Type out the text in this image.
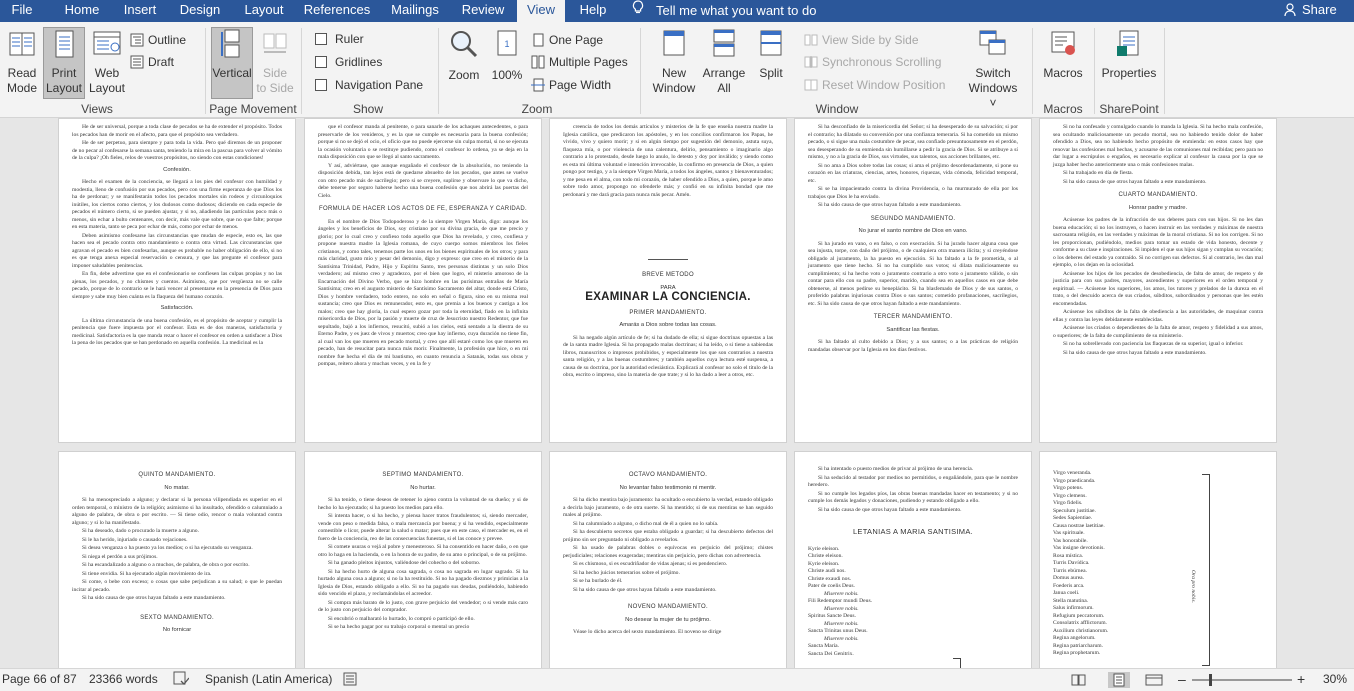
File	Home	Insert	Design	Layout	References	Mailings	Review	View	Help	Tell me what you want to do	Share
Read
Mode
Print
Layout
Web
Layout
Outline
Draft
Views
Vertical Side
to Side
Page Movement
Ruler
Gridlines
Navigation Pane
Show
Zoom
1
100%
One Page
Multiple Pages
Page Width
Zoom
New
Window
Arrange
All
Split
View Side by Side
Synchronous Scrolling
Reset Window Position
Switch
Windows ˅
Window
Macros
Macros
Properties
SharePoint

He de ser universal, porque a toda clase de pecados se ha de extender el propósito. Todos los pecados han de morir en el afecto, para que el propósito sea verdadero.

He de ser perpetuo, para siempre y para toda la vida. Pero qué diremos de un proponer de no pecar al confesarse la semana santa, teniendo la mira en la pascua para volver al vómito de la culpa? ¡Oh fieles, relos de vuestros propósitos, no siendo con estas condiciones!

Confesión.

Hecho el examen de la conciencia, se llegará a los pies del confesor con humildad y modestia, lleno de confusión por sus pecados, pero con una firme esperanza de que Dios los ha de perdonar; y se manifestarán todos los pecados mortales sin rodeos y circunloquios inútiles, los ciertos como ciertos, y los dudosos como dudosos; diciendo en cada especie de pecados el número cierto, si se pueden ajustar, y si no, añadiendo las partículas poco más o menos, sin echar a bulto centenares, con decir, más vale que sobre, que no que falte; porque en esta materia, tanto se peca por echar de más, como por echar de menos.

Deben asimismo confesarse las circunstancias que mudan de especie, esto es, las que hacen sea el pecado contra otro mandamiento o contra otra virtud. Las circunstancias que agravan el pecado es bien confesarlas, aunque es probable no haber obligación de ello, si no es que tenga anexa especial reservación o censura, y que las pregunte el confesor para imponer saludables penitencias.

En fin, debe advertirse que en el confesionario se confiesen las culpas propias y no las ajenas, los pecados, y no chismes y cuentos. Asimismo, que por vergüenza no se calle pecado, porque de lo contrario se le hará vencer al presentarse en la presencia de Dios para siempre y sabe muy bien cuánta es la flaqueza del humano corazón.

Satisfacción.

La última circunstancia de una buena confesión, es el propósito de aceptar y cumplir la penitencia que fuere impuesta por el confesor. Esta es de dos maneras, satisfactoria y medicinal. Satisfactoria es la que manda rezar o hacer el confesor en orden a satisfacer a Dios la pena de los pecados que se han perdonado en aquella confesión. La medicinal es la

que el confesor manda al penitente, o para sanarle de los achaques antecedentes, o para preservarle de los venideros, y es la que se cumple es necesaria para la buena confesión; porque si no se dejó el ocio, el oficio que no puede ejercerse sin culpa mortal, si no se ejecuta la ocasión voluntaria o se restituye pudiendo, como el confesor lo ordena, ya se deja en la mala disposición con que se llegó al santo sacramento.

Y así, adviértase, que aunque engañado el confesor de la absolución, no teniendo la disposición debida, tan lejos está de quedarse absuelto de los pecados, que antes se vuelve con otro pecado más de sacrilegio; pero si se creyere, suplirse y observare lo que va dicho, debe tenerse por seguro haberse hecho una buena confesión que nos abrirá las puertas del Cielo.

FORMULA DE HACER LOS ACTOS DE FE, ESPERANZA Y CARIDAD.

En el nombre de Dios Todopoderoso y de la siempre Virgen María, digo: aunque los ángeles y los beneficios de Dios, soy cristiano por su divina gracia, de que me precio y glorio; por lo cual creo y confieso todo aquello que Dios ha revelado, y creo, confiesa y propone nuestra madre la Iglesia romana, de cuyo cuerpo somos miembros los fieles cristianos, y como tales, tenemos parte los unos en los bienes espirituales de los otros; y para más claridad, gusto mío y pesar del demonio, digo y expreso: que creo en el misterio de la Santísima Trinidad, Padre, Hijo y Espíritu Santo, tres personas distintas y un solo Dios verdadero; así mismo creo y agradezco, por el bien que logro, el misterio amoroso de la Encarnación del Divino Verbo, que se hizo hombre en las purísimas entrañas de María Santísima; creo en el augusto misterio de Santísimo Sacramento del altar, donde está Cristo, Dios y hombre verdadero, todo entero, no solo en señal o figura, sino en su misma real sustancia; creo que Dios es remunerador, esto es, que premia a los buenos y castiga a los malos; creo que hay gloria, la cual espero gozar por toda la eternidad, fiado en la infinita misericordia de Dios, por la pasión y muerte de cruz de Jesucristo nuestro Redentor, que fue sepultado, bajó a los infiernos, resucitó, subió a los cielos, está sentado a la diestra de su Eterno Padre, y es juez de vivos y muertos; creo que hay infierno, cuya duración no tiene fin, al cual van los que mueren en pecado mortal, y creo que allí estaré como los que mueren en pecado, han de resucitar para nunca más morir. Finalmente, la profesión que hice, o en mí nombre fue hecha el día de mi bautismo, en cuanto renuncia a Satanás, todas sus obras y pompas, reitero ahora y muchas veces, y en la fe y

creencia de todos los demás artículos y misterios de la fe que enseña nuestra madre la Iglesia católica, que predicaron los apóstoles, y en los concilios confirmaron los Papas, he vivido, vivo y quiero morir; y si en algún tiempo por sugestión del demonio, astuta suya, flaqueza mía, o por violencia de una calentura, delirio, pensamiento o imaginario algo contrario a lo protestado, desde luego lo anulo, lo detesto y doy por inválido; y siendo como es esta mi última voluntad e intención irrevocable, la confirmo en presencia de Dios, a quien pongo por testigo, y a la siempre Virgen María, a todos los ángeles, santos y bienaventurados; y me pesa en el alma, con todo mi corazón, de haber ofendido a Dios, a quien, porque le amo sobre todo amor, propongo no ofenderle más; y confió en su infinita bondad que me perdonará y me dará gracia para nunca más pecar. Amén.

BREVE METODO

PARA

EXAMINAR LA CONCIENCIA.

PRIMER MANDAMIENTO.

Amarás a Dios sobre todas las cosas.

Si ha negado algún artículo de fe; si ha dudado de ella; si sigue doctrinas opuestas a las de la santa madre Iglesia. Si ha propagado malas doctrinas; si ha leído, o si tiene a sabiendas libros, manuscritos o impresos prohibidos, y especialmente los que son contrarios a nuestra santa religión, y a las buenas costumbres; y también aquellos cuya lectura esté suspensa, a causa de su doctrina, por la autoridad eclesiástica. Explicará al confesor no solo el título de la obra, escrito o impreso, sino la materia de que trate; y si lo ha dado a leer a otros, etc.

Si ha desconfiado de la misericordia del Señor; si ha desesperado de su salvación; si por el contrario; ha dilatado su conversión por una confianza temeraria. Si ha cometido un mismo pecado, o si sigue una mala costumbre de pecar, sea confiado presuntuosamente en el perdón, sea desesperando de su enmienda sin humillarse a pedir la gracia de Dios. Si se atribuye a sí mismo, y no a la gracia de Dios, sus virtudes, sus talentos, sus acciones brillantes, etc.

Si no ama a Dios sobre todas las cosas; si ama el prójimo desordenadamente, si pone su corazón en las criaturas, ciencias, artes, honores, riquezas, vida cómoda, felicidad temporal, etc.

Si se ha impacientado contra la divina Providencia, o ha murmurado de ella por los trabajos que Dios le ha enviado.

Si ha sido causa de que otros hayan faltado a este mandamiento.

SEGUNDO MANDAMIENTO.

No jurar el santo nombre de Dios en vano.

Si ha jurado en vano, o en falso, o con execración. Si ha jurado hacer alguna cosa que sea injusta, torpe, con daño del prójimo, o de cualquiera otra manera ilícita; y si creyéndose obligado al juramento, la ha puesto en ejecución. Si ha faltado a la fe prometida, o al juramento que tiene hecho. Si no ha cumplido sus votos; si dilata maliciosamente su cumplimiento; si ha hecho voto o juramento contrario a otro voto o juramento válido, o sin contar para ello con su padre, superior, marido, cuando sea en aquellos casos en que debe obtenerse, al menos pedirse su beneplácito. Si ha blasfemado de Dios y de sus santos, o proferido palabras injuriosas contra Dios o sus santos; cometido profanaciones, sacrilegios, etc. Si ha sido causa de que otros hayan faltado a este mandamiento.

TERCER MANDAMIENTO.

Santificar las fiestas.

Si ha faltado al culto debido a Dios; y a sus santos; o a las prácticas de religión mandadas observar por la Iglesia en los días festivos.

Si no ha confesado y comulgado cuando lo manda la Iglesia. Si ha hecho mala confesión, sea ocultando maliciosamente un pecado mortal, sea no habiendo tenido dolor de haber ofendido a Dios, sea no habiendo hecho propósito de enmienda: en estos casos hay que renovar las confesiones mal hechas, y acusarse de las comuniones mal recibidas; pero para no dar lugar a escrúpulos o engaños, es necesario explicar al confesor la causa por la que se juzga haber hecho anteriormente una o más confesiones malas.

Si ha trabajado en día de fiesta.

Si ha sido causa de que otros hayan faltado a este mandamiento.

CUARTO MANDAMIENTO.

Honrar padre y madre.

Acúsense los padres de la infracción de sus deberes para con sus hijos. Si no les dan buena educación; si no los instruyen, o hacen instruir en las verdades y máximas de nuestra sacrosanta religión, en las verdades y máximas de la moral cristiana. Si no los corrigen. Si no les proporcionan, pudiéndolo, medios para tomar un estado de vida honesto, decente y conforme a su clase e inspiraciones. Si impiden el que sus hijos sigan y cumplan su vocación; o los deberes del estado ya contraído. Si no corrigen sus defectos. Si al contrario, les dan mal ejemplo, o los dejan en la ociosidad.

Acúsense los hijos de los pecados de desobediencia, de falta de amor, de respeto y de justicia para con sus padres, mayores, ascendientes y superiores en el orden temporal y espiritual. — Acúsense los superiores, los amos, los tutores y prelados de la dureza en el trato, o del descuido acerca de sus criados, súbditos, subordinados y personas que les estén encomendadas.

Acúsense los súbditos de la falta de obediencia a las autoridades, de maquinar contra ellas y contra las leyes debidamente establecidas.

Acúsense los criados o dependientes de la falta de amor, respeto y fidelidad a sus amos, o superiores; de la falta de cumplimiento de su ministerio.

Si no ha sobrellevado con paciencia las flaquezas de su superior, igual o inferior.

Si ha sido causa de que otros hayan faltado a este mandamiento.

QUINTO MANDAMIENTO.

No matar.

Si ha menospreciado a alguno; y declarar si la persona vilipendiada es superior en el orden temporal, o ministro de la religión; asimismo si ha insultado, ofendido o calumniado a alguno de palabra, de obra o por escrito. — Si tiene odio, rencor o mala voluntad contra alguno; y si lo ha manifestado.

Si ha deseado, dado o procurado la muerte a alguno.

Si le ha herido, injuriado o causado vejaciones.

Si desea venganza o ha puesto ya los medios; o si ha ejecutado su venganza.

Si niega el perdón a sus prójimos.

Si ha escandalizado a alguno o a muchos, de palabra, de obra o por escrito.

Si tiene envidia. Si ha ejecutado algún movimiento de ira.

Si come, o bebe con exceso; o cosas que sabe perjudican a su salud; o que le puedan incitar al pecado.

Si ha sido causa de que otros hayan faltado a este mandamiento.

SEXTO MANDAMIENTO.

No fornicar

SEPTIMO MANDAMIENTO.

No hurtar.

Si ha tenido, o tiene deseos de retener lo ajeno contra la voluntad de su dueño; y si de hecho lo ha ejecutado; si ha puesto los medios para ello.

Si intenta hacer, o si ha hecho, y piensa hacer tratos fraudulentos; si, siendo mercader, vende con peso o medida falsa, o mala mercancía por buena; y si ha vendido, especialmente comestible o licor, puede alterar la salud o matar; pues que en este caso, el mercader es, en el fuero de la conciencia, reo de las consecuencias funestas, si el las conoce y prevee.

Si comete usuras o vejá al pobre y menesteroso. Si ha consentido en hacer daño, o en que otro lo haga en la hacienda, o en la honra de su padre, de su amo o principal, o de su prójimo.

Si ha ganado pleitos injustos, valiéndose del cohecho o del soborno.

Si ha hecho hurto de alguna cosa sagrada, o cosa no sagrada en lugar sagrado. Si ha hurtado alguna cosa a alguno; si no la ha restituido. Si no ha pagado diezmos y primicias a la Iglesia de Dios, estando obligado a ello. Si no ha pagado sus deudas, pudiéndolo, habiendo sido vencido el plazo, y reclamándolas el acreedor.

Si compra más barato de lo justo, con grave perjuicio del vendedor; o si vende más caro de lo justo con perjuicio del comprador.

Si encubrió o malbarató lo hurtado, lo compró o participó de ello.

Si se ha hecho pagar por su trabajo corporal o mental un precio

OCTAVO MANDAMIENTO.

No levantar falso testimonio ni mentir.

Si ha dicho mentira bajo juramento: ha ocultado o encubierto la verdad, estando obligado a decirla bajo juramento, o de otra suerte. Si ha mentido; si de sus mentiras se han seguido males al prójimo.

Si ha calumniado a alguno, o dicho mal de él a quien no lo sabía.

Si ha descubierto secretos que estaba obligado a guardar; si ha descubierto defectos del prójimo sin ser preguntado ni obligado a revelarlos.

Si ha usado de palabras dobles o equívocas en perjuicio del prójimo; chistes perjudiciales; relaciones exageradas; mentiras sin perjuicio, pero dichas con advertencia.

Si es chismoso, si es escudriñador de vidas ajenas; si es pendenciero.

Si ha hecho juicios temerarios sobre el prójimo.

Si se ha burlado de él.

Si ha sido causa de que otros hayan faltado a este mandamiento.

NOVENO MANDAMIENTO.

No desear la mujer de tu prójimo.

Véase lo dicho acerca del sexto mandamiento. El noveno se dirige

Si ha intentado o puesto medios de privar al prójimo de una herencia.

Si ha seducido al testador por medios no permitidos, o engañándole, para que le nombre heredero.

Si no cumple los legados píos, las obras buenas mandadas hacer en testamento; y si no cumple los demás legados y donaciones, pudiendo y estando obligado a ello.

Si ha sido causa de que otros hayan faltado a este mandamiento.

LETANIAS A MARIA SANTISIMA.

Kyrie eleison.

Christe eleison.

Kyrie eleison.

Christe audi nos.

Christe exaudi nos.

Pater de coelis Deus.

Miserere nobis.

Fili Redemptor mundi Deus.

Miserere nobis.

Spiritus Sancte Deus.

Miserere nobis.

Sancta Trinitas unus Deus.

Miserere nobis.

Sancta María.

Sancta Dei Genitrix.

Virgo veneranda.

Virgo praedicanda.

Virgo potens.

Virgo clemens.

Virgo fidelis.

Speculum justitiae.

Sedes Sapientiae.

Causa nostrae laetitiae.

Vas spirituale.

Vas honorabile.

Vas insigne devotionis.

Rosa mística.

Turris Davídica.

Turris ebúrnea.

Domus aurea.

Foederis arca.

Janua coeli.

Stella matutina.

Salus infirmorum.

Refugium peccatorum.

Consolatrix afflictorum.

Auxilium christianorum.

Regina angelorum.

Regina patriarcharum.

Regina prophetarum.

Ora pro nobis.
Page 66 of 87 23366 words	Spanish (Latin America)	–	+ 30%
